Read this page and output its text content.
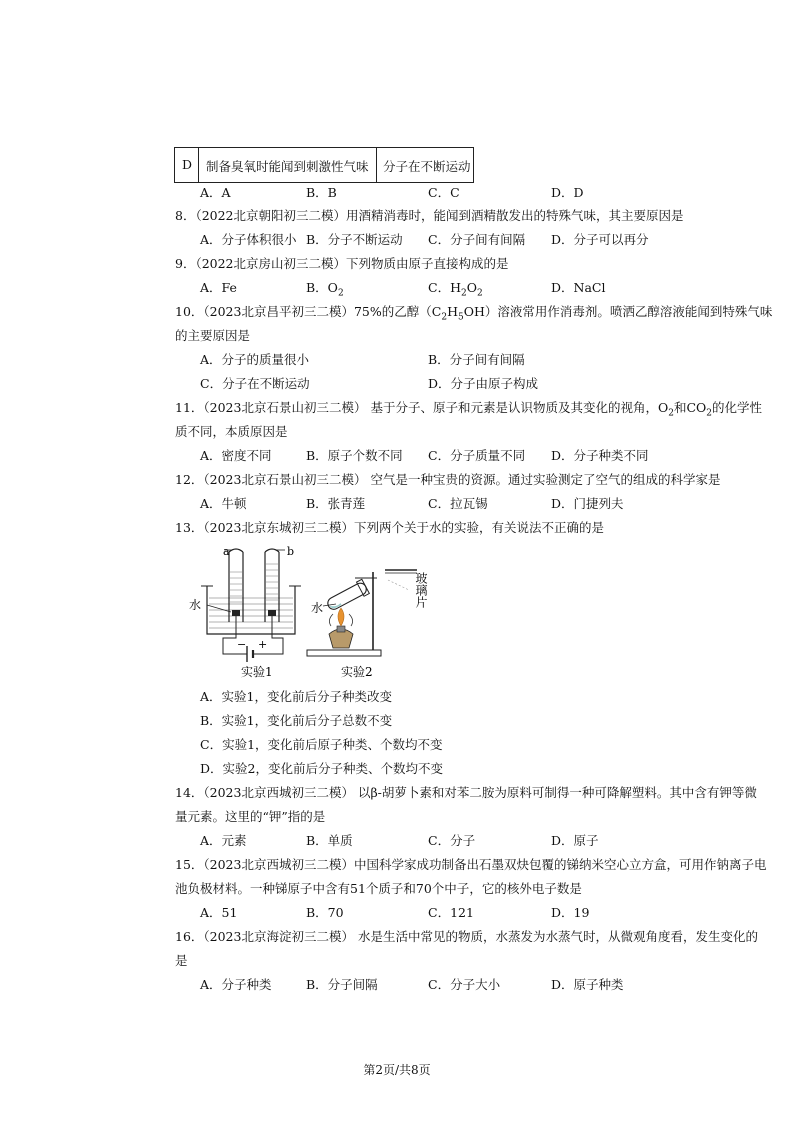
D 制备臭氧时能闻到刺激性气味 分子在不断运动
A．A	B．B	C．C	D．D
8．（2022北京朝阳初三二模）用酒精消毒时，能闻到酒精散发出的特殊气味，其主要原因是
A．分子体积很小 B．分子不断运动 C．分子间有间隔 D．分子可以再分
9．（2022北京房山初三二模）下列物质由原子直接构成的是
A．Fe	B．$O_2$	C．$H_2O_2$	D．NaCl
10．（2023北京昌平初三二模）75%的乙醇$(C_2H_5OH)$溶液常用作消毒剂。喷洒乙醇溶液能闻到特殊气味
的主要原因是
A．分子的质量很小	B．分子间有间隔
C．分子在不断运动	D．分子由原子构成
11．（2023北京石景山初三二模） 基于分子、原子和元素是认识物质及其变化的视角，$O_2$和$CO_2$的化学性
质不同，本质原因是
A．密度不同	B．原子个数不同 C．分子质量不同 D．分子种类不同
12．（2023北京石景山初三二模） 空气是一种宝贵的资源。通过实验测定了空气的组成的科学家是
A．牛顿	B．张青莲	C．拉瓦锡	D．门捷列夫
13．（2023北京东城初三二模）下列两个关于水的实验，有关说法不正确的是
a	b
水
− +
实验1
水	玻璃片
实验2
A．实验1，变化前后分子种类改变
B．实验1，变化前后分子总数不变
C．实验1，变化前后原子种类、个数均不变
D．实验2，变化前后分子种类、个数均不变
14．（2023北京西城初三二模） 以β-胡萝卜素和对苯二胺为原料可制得一种可降解塑料。其中含有钾等微
量元素。这里的“钾”指的是
A．元素	B．单质	C．分子	D．原子
15．（2023北京西城初三二模）中国科学家成功制备出石墨双炔包覆的锑纳米空心立方盒，可用作钠离子电
池负极材料。一种锑原子中含有51个质子和70个中子，它的核外电子数是
A．51	B．70	C．121	D．19
16．（2023北京海淀初三二模） 水是生活中常见的物质，水蒸发为水蒸气时，从微观角度看，发生变化的
是
A．分子种类	B．分子间隔	C．分子大小	D．原子种类
第2页/共8页
